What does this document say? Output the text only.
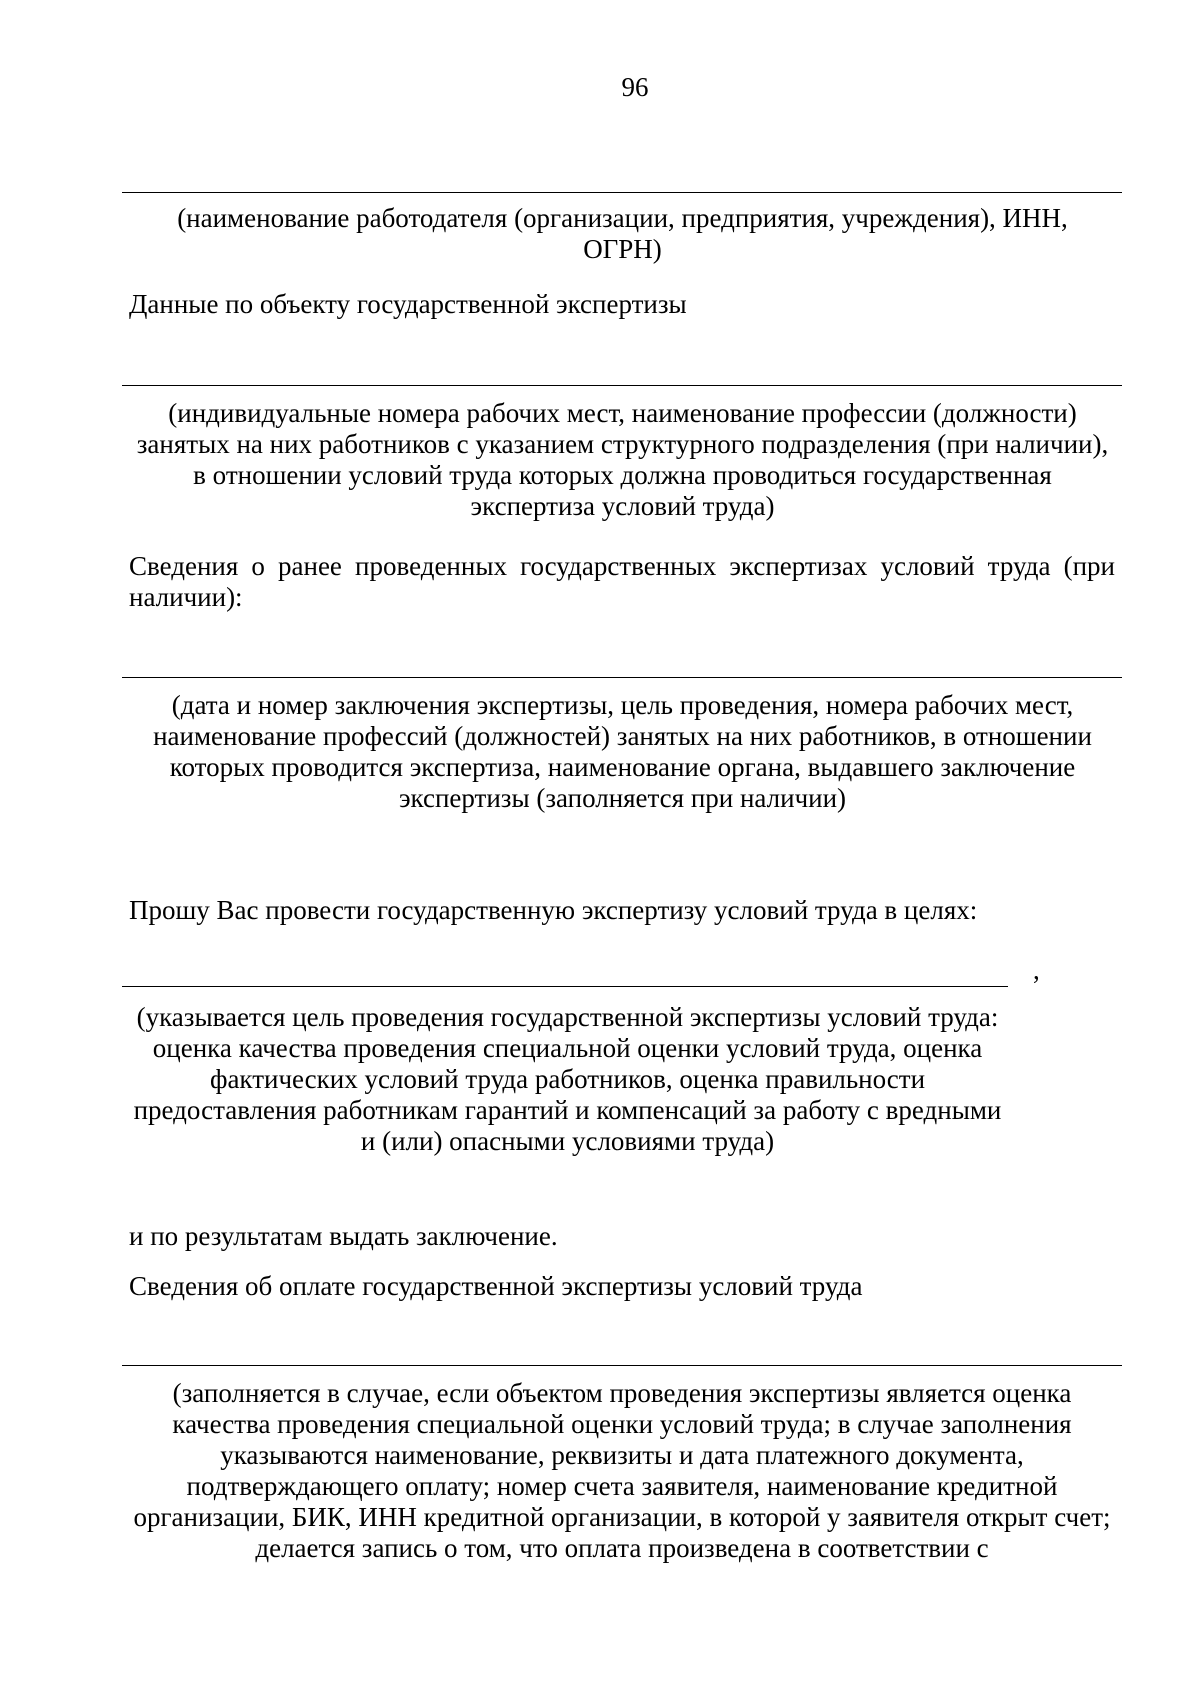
96
(наименование работодателя (организации, предприятия, учреждения), ИНН, ОГРН)
Данные по объекту государственной экспертизы
(индивидуальные номера рабочих мест, наименование профессии (должности) занятых на них работников с указанием структурного подразделения (при наличии), в отношении условий труда которых должна проводиться государственная экспертиза условий труда)
Сведения о ранее проведенных государственных экспертизах условий труда (при наличии):
(дата и номер заключения экспертизы, цель проведения, номера рабочих мест, наименование профессий (должностей) занятых на них работников, в отношении которых проводится экспертиза, наименование органа, выдавшего заключение экспертизы (заполняется при наличии)
Прошу Вас провести государственную экспертизу условий труда в целях:
,
(указывается цель проведения государственной экспертизы условий труда: оценка качества проведения специальной оценки условий труда, оценка фактических условий труда работников, оценка правильности предоставления работникам гарантий и компенсаций за работу с вредными и (или) опасными условиями труда)
и по результатам выдать заключение.
Сведения об оплате государственной экспертизы условий труда
(заполняется в случае, если объектом проведения экспертизы является оценка качества проведения специальной оценки условий труда; в случае заполнения указываются наименование, реквизиты и дата платежного документа, подтверждающего оплату; номер счета заявителя, наименование кредитной организации, БИК, ИНН кредитной организации, в которой у заявителя открыт счет; делается запись о том, что оплата произведена в соответствии с
